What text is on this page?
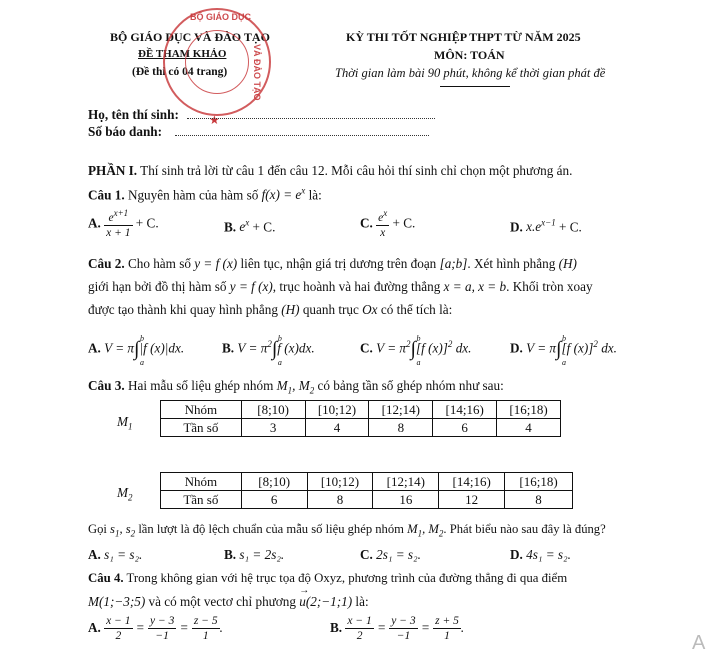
BỘ GIÁO DỤC VÀ ĐÀO TẠO
ĐỀ THAM KHẢO
(Đề thi có 04 trang)
KỲ THI TỐT NGHIỆP THPT TỪ NĂM 2025
MÔN: TOÁN
Thời gian làm bài 90 phút, không kể thời gian phát đề
BỘ GIÁO DỤC
VÀ ĐÀO TẠO
★
Họ, tên thí sinh:
Số báo danh:
PHẦN I. Thí sinh trả lời từ câu 1 đến câu 12. Mỗi câu hỏi thí sinh chỉ chọn một phương án.
Câu 1. Nguyên hàm của hàm số $f(x) = e^x$ là:
A. $\frac{e^{x+1}}{x + 1} + C$.	B. $e^x + C$.	C. $\frac{e^x}{x} + C$.	D. $x.e^{x-1} + C$.
Câu 2. Cho hàm số y = f (x) liên tục, nhận giá trị dương trên đoạn [a;b]. Xét hình phẳng (H)
giới hạn bởi đồ thị hàm số y = f (x), trục hoành và hai đường thẳng x = a, x = b. Khối tròn xoay
được tạo thành khi quay hình phẳng (H) quanh trục Ox có thể tích là:
A. V = π∫ b
a
|f (x)|dx.	B. $V = \pi^2\int$ b
a
f (x)dx.	C. $V = \pi^2\int$ b
a
[f (x)]$^2$ dx.	D. V = π∫ b
a
[f (x)]$^2$ dx.
Câu 3. Hai mẫu số liệu ghép nhóm $M_1$, $M_2$ có bảng tần số ghép nhóm như sau:
$M_1$
Nhóm	[8;10)	[10;12)	[12;14)	[14;16)	[16;18)
Tần số	3	4	8	6	4
$M_2$
Nhóm	[8;10)	[10;12)	[12;14)	[14;16)	[16;18)
Tần số	6	8	16	12	8
Gọi $s_1$, $s_2$ lần lượt là độ lệch chuẩn của mẫu số liệu ghép nhóm $M_1$, $M_2$. Phát biểu nào sau đây là đúng?
A. s₁ = s₂.	B. s₁ = 2s₂.	C. 2s₁ = s₂.	D. 4s₁ = s₂.
Câu 4. Trong không gian với hệ trục tọa độ Oxyz, phương trình của đường thẳng đi qua điểm
M(1;−3;5) và có một vectơ chỉ phương
→
u(2;−1;1) là:
A. $\frac{x - 1}{2} = \frac{y - 3}{-1} = \frac{z - 5}{1}$ .	B. $\frac{x - 1}{2} = \frac{y - 3}{-1} = \frac{z + 5}{1}$ .
A
